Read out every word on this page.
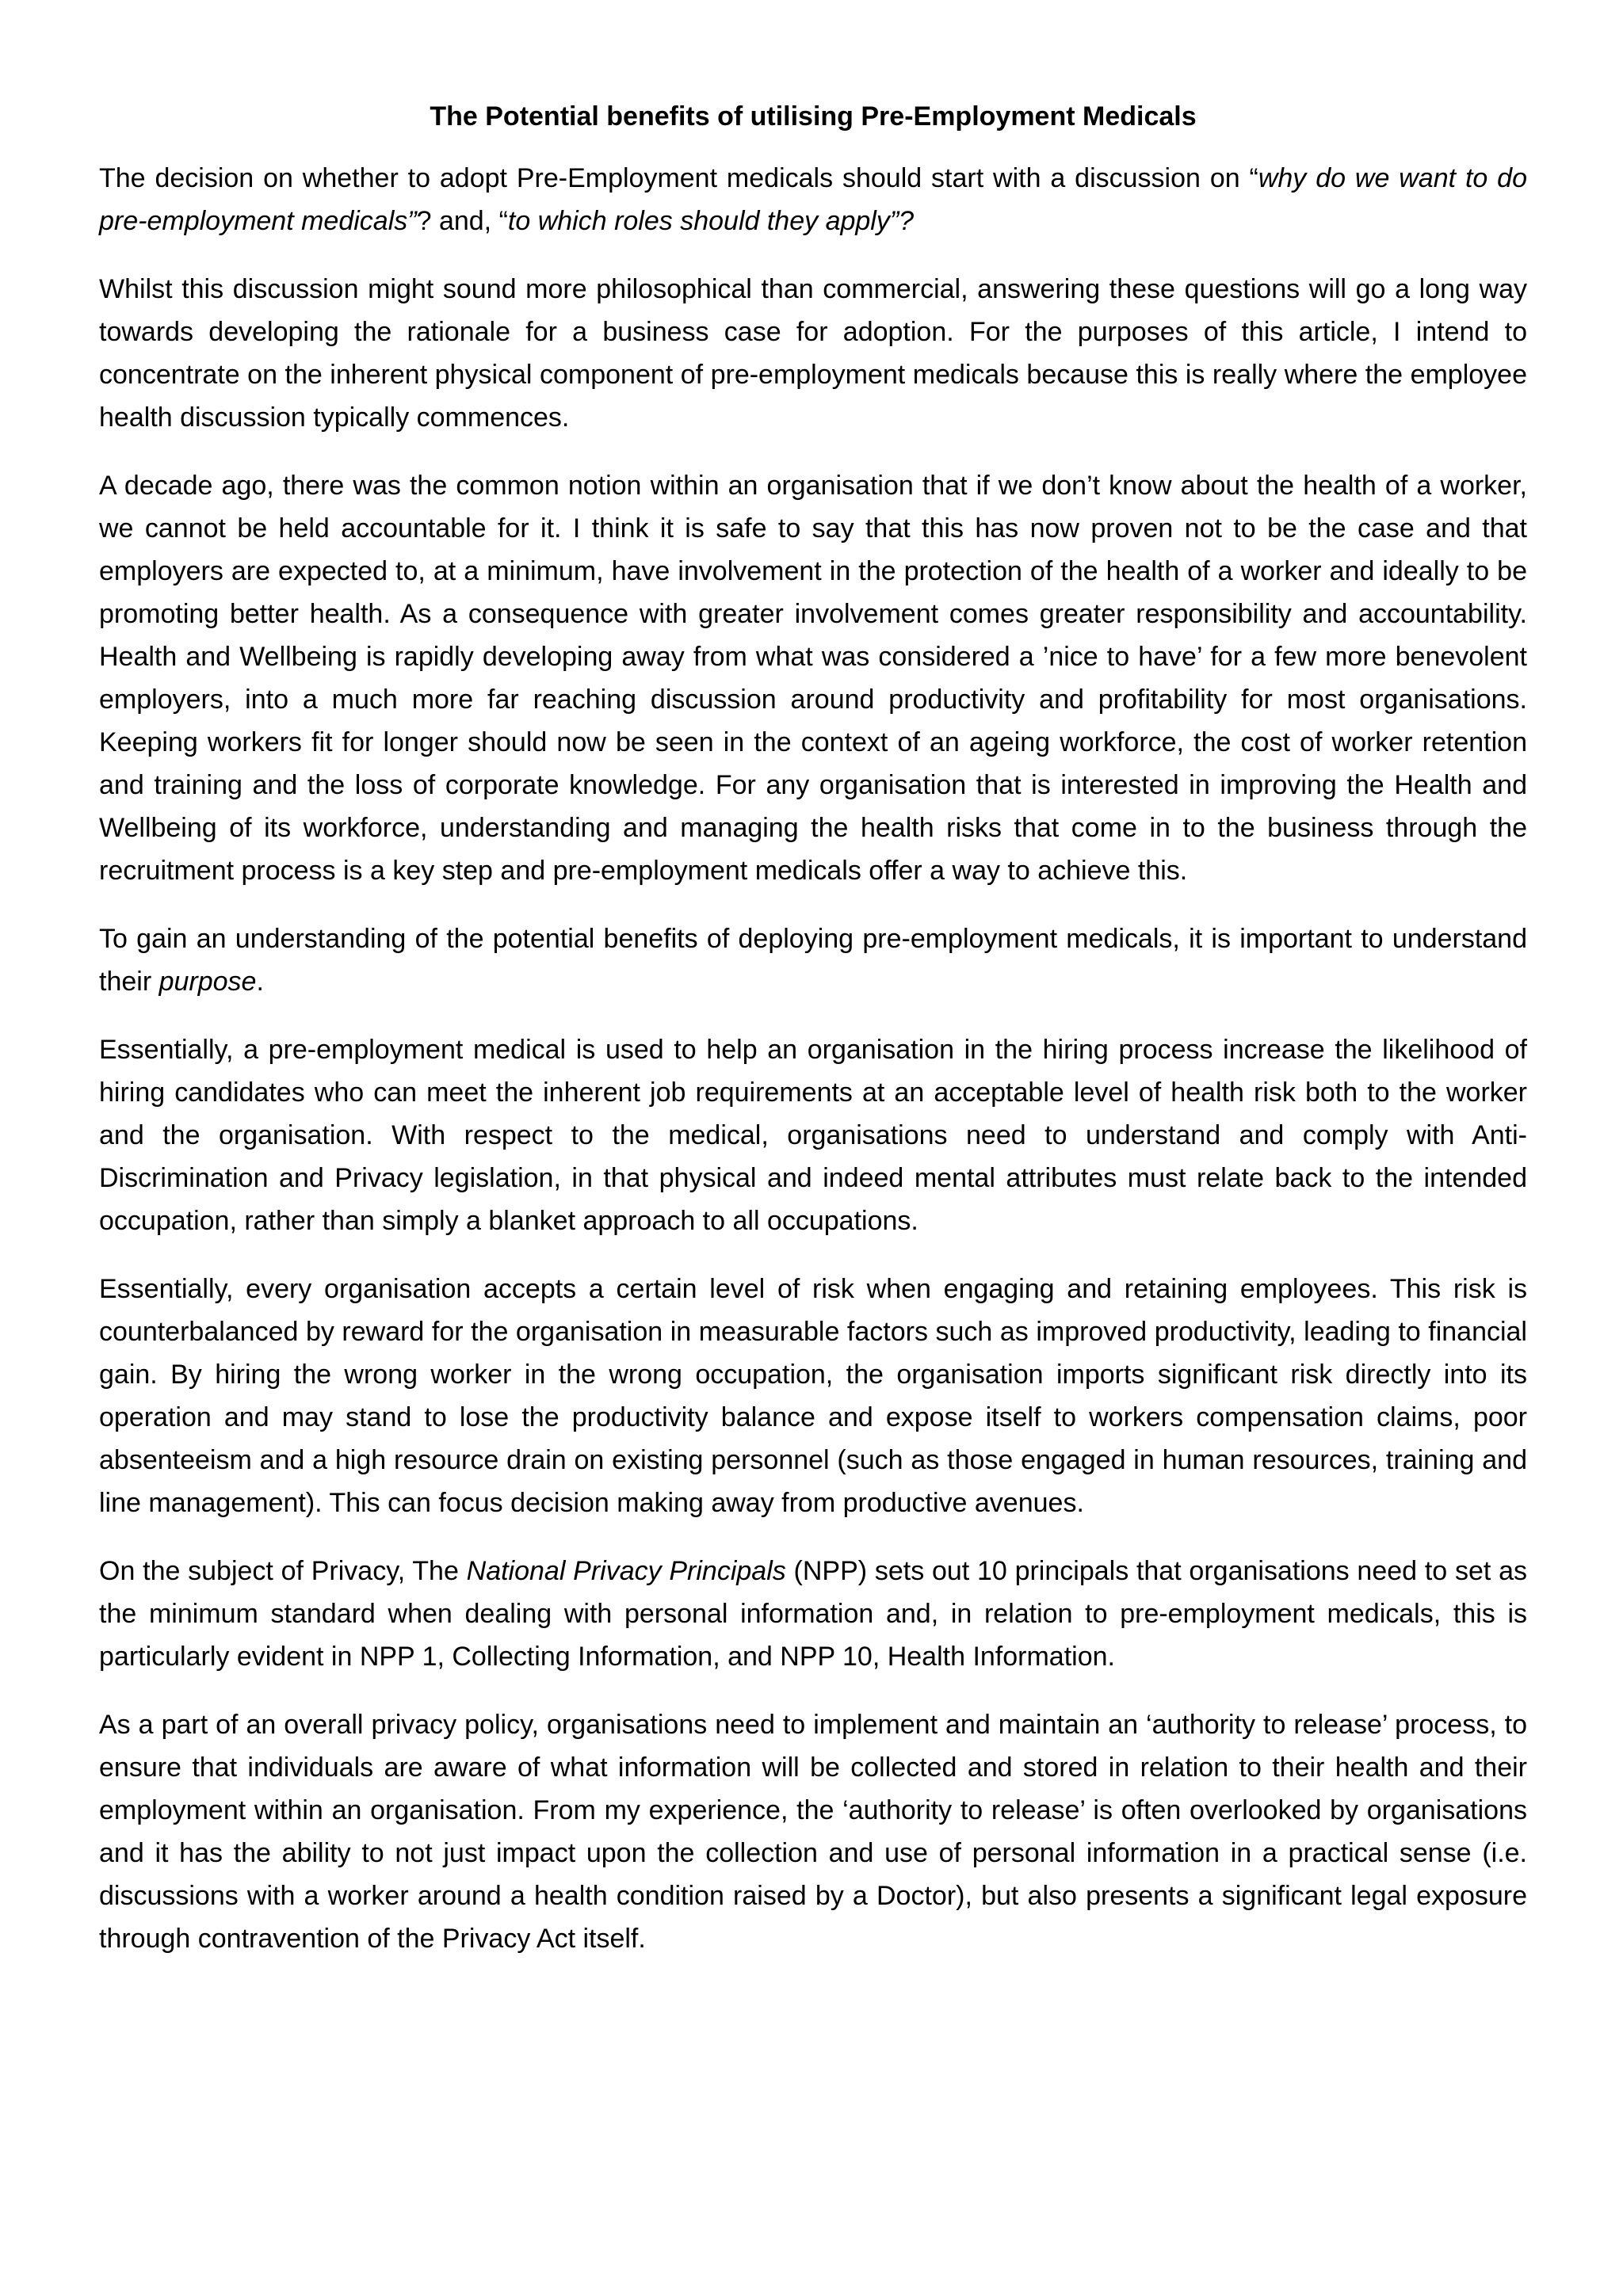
The Potential benefits of utilising Pre-Employment Medicals

The decision on whether to adopt Pre-Employment medicals should start with a discussion on “why do we want to do pre-employment medicals”? and, “to which roles should they apply”?

Whilst this discussion might sound more philosophical than commercial, answering these questions will go a long way towards developing the rationale for a business case for adoption. For the purposes of this article, I intend to concentrate on the inherent physical component of pre-employment medicals because this is really where the employee health discussion typically commences.

A decade ago, there was the common notion within an organisation that if we don’t know about the health of a worker, we cannot be held accountable for it. I think it is safe to say that this has now proven not to be the case and that employers are expected to, at a minimum, have involvement in the protection of the health of a worker and ideally to be promoting better health. As a consequence with greater involvement comes greater responsibility and accountability. Health and Wellbeing is rapidly developing away from what was considered a ’nice to have’ for a few more benevolent employers, into a much more far reaching discussion around productivity and profitability for most organisations. Keeping workers fit for longer should now be seen in the context of an ageing workforce, the cost of worker retention and training and the loss of corporate knowledge. For any organisation that is interested in improving the Health and Wellbeing of its workforce, understanding and managing the health risks that come in to the business through the recruitment process is a key step and pre-employment medicals offer a way to achieve this.

To gain an understanding of the potential benefits of deploying pre-employment medicals, it is important to understand their purpose.

Essentially, a pre-employment medical is used to help an organisation in the hiring process increase the likelihood of hiring candidates who can meet the inherent job requirements at an acceptable level of health risk both to the worker and the organisation. With respect to the medical, organisations need to understand and comply with Anti-Discrimination and Privacy legislation, in that physical and indeed mental attributes must relate back to the intended occupation, rather than simply a blanket approach to all occupations.

Essentially, every organisation accepts a certain level of risk when engaging and retaining employees. This risk is counterbalanced by reward for the organisation in measurable factors such as improved productivity, leading to financial gain. By hiring the wrong worker in the wrong occupation, the organisation imports significant risk directly into its operation and may stand to lose the productivity balance and expose itself to workers compensation claims, poor absenteeism and a high resource drain on existing personnel (such as those engaged in human resources, training and line management). This can focus decision making away from productive avenues.

On the subject of Privacy, The National Privacy Principals (NPP) sets out 10 principals that organisations need to set as the minimum standard when dealing with personal information and, in relation to pre-employment medicals, this is particularly evident in NPP 1, Collecting Information, and NPP 10, Health Information.

As a part of an overall privacy policy, organisations need to implement and maintain an ‘authority to release’ process, to ensure that individuals are aware of what information will be collected and stored in relation to their health and their employment within an organisation. From my experience, the ‘authority to release’ is often overlooked by organisations and it has the ability to not just impact upon the collection and use of personal information in a practical sense (i.e. discussions with a worker around a health condition raised by a Doctor), but also presents a significant legal exposure through contravention of the Privacy Act itself.
